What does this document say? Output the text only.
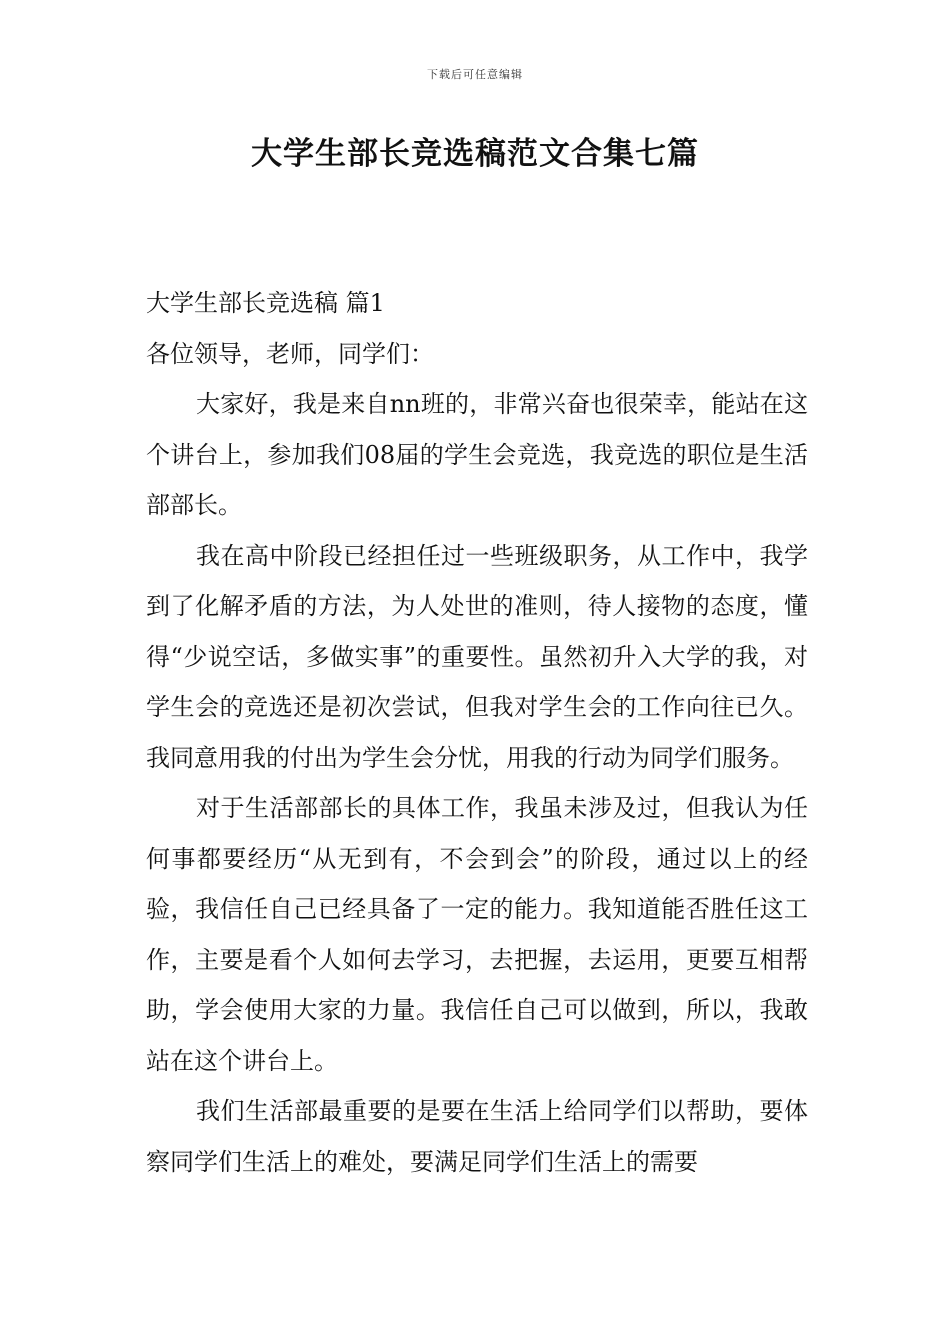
下载后可任意编辑
大学生部长竞选稿范文合集七篇

大学生部长竞选稿 篇1

各位领导，老师，同学们：

大家好，我是来自nn班的，非常兴奋也很荣幸，能站在这个讲台上，参加我们08届的学生会竞选，我竞选的职位是生活部部长。

我在高中阶段已经担任过一些班级职务，从工作中，我学到了化解矛盾的方法，为人处世的准则，待人接物的态度，懂得“少说空话，多做实事”的重要性。虽然初升入大学的我，对学生会的竞选还是初次尝试，但我对学生会的工作向往已久。我同意用我的付出为学生会分忧，用我的行动为同学们服务。

对于生活部部长的具体工作，我虽未涉及过，但我认为任何事都要经历“从无到有，不会到会”的阶段，通过以上的经验，我信任自己已经具备了一定的能力。我知道能否胜任这工作，主要是看个人如何去学习，去把握，去运用，更要互相帮助，学会使用大家的力量。我信任自己可以做到，所以，我敢站在这个讲台上。

我们生活部最重要的是要在生活上给同学们以帮助，要体察同学们生活上的难处，要满足同学们生活上的需要
